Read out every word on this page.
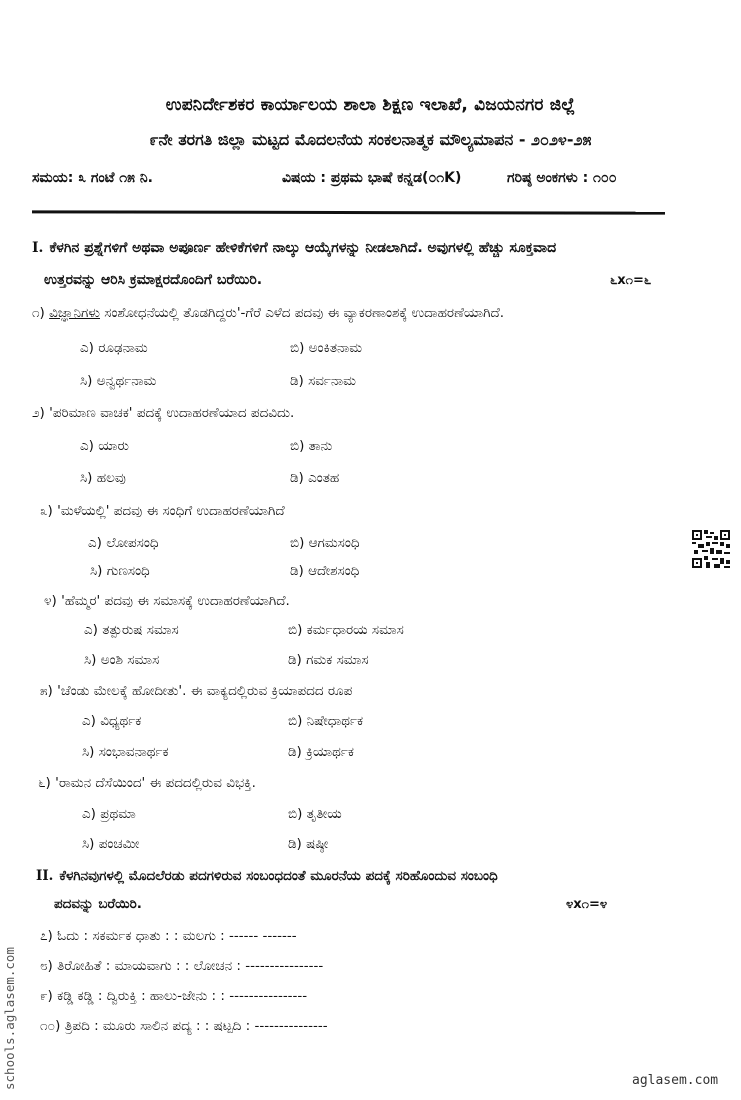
ಉಪನಿರ್ದೇಶಕರ ಕಾರ್ಯಾಲಯ ಶಾಲಾ ಶಿಕ್ಷಣ ಇಲಾಖೆ, ವಿಜಯನಗರ ಜಿಲ್ಲೆ
೯ನೇ ತರಗತಿ ಜಿಲ್ಲಾ ಮಟ್ಟದ ಮೊದಲನೆಯ ಸಂಕಲನಾತ್ಮಕ ಮೌಲ್ಯಮಾಪನ - ೨೦೨೪-೨೫
ಸಮಯ: ೩ ಗಂಟೆ ೧೫ ನಿ.	ವಿಷಯ : ಪ್ರಥಮ ಭಾಷೆ ಕನ್ನಡ(೦೧K)	ಗರಿಷ್ಠ ಅಂಕಗಳು : ೧೦೦
I. ಕೆಳಗಿನ ಪ್ರಶ್ನೆಗಳಿಗೆ ಅಥವಾ ಅಪೂರ್ಣ ಹೇಳಿಕೆಗಳಿಗೆ ನಾಲ್ಕು ಆಯ್ಕೆಗಳನ್ನು ನೀಡಲಾಗಿದೆ. ಅವುಗಳಲ್ಲಿ ಹೆಚ್ಚು ಸೂಕ್ತವಾದ
ಉತ್ತರವನ್ನು ಆರಿಸಿ ಕ್ರಮಾಕ್ಷರದೊಂದಿಗೆ ಬರೆಯಿರಿ.	೬x೧=೬
೧) ವಿಜ್ಞಾನಿಗಳು ಸಂಶೋಧನೆಯಲ್ಲಿ ತೊಡಗಿದ್ದರು'-ಗೆರೆ ಎಳೆದ ಪದವು ಈ ವ್ಯಾಕರಣಾಂಶಕ್ಕೆ ಉದಾಹರಣೆಯಾಗಿದೆ.
ಎ) ರೂಢನಾಮ	ಬಿ) ಅಂಕಿತನಾಮ
ಸಿ) ಅನ್ವರ್ಥನಾಮ	ಡಿ) ಸರ್ವನಾಮ
೨) 'ಪರಿಮಾಣ ವಾಚಕ' ಪದಕ್ಕೆ ಉದಾಹರಣೆಯಾದ ಪದವಿದು.
ಎ) ಯಾರು	ಬಿ) ತಾನು
ಸಿ) ಹಲವು	ಡಿ) ಎಂತಹ
೩) 'ಮಳೆಯಲ್ಲಿ' ಪದವು ಈ ಸಂಧಿಗೆ ಉದಾಹರಣೆಯಾಗಿದೆ
ಎ) ಲೋಪಸಂಧಿ	ಬಿ) ಆಗಮಸಂಧಿ
ಸಿ) ಗುಣಸಂಧಿ	ಡಿ) ಆದೇಶಸಂಧಿ
೪) 'ಹೆಮ್ಮರ' ಪದವು ಈ ಸಮಾಸಕ್ಕೆ ಉದಾಹರಣೆಯಾಗಿದೆ.
ಎ) ತತ್ಪುರುಷ ಸಮಾಸ	ಬಿ) ಕರ್ಮಧಾರಯ ಸಮಾಸ
ಸಿ) ಅಂಶಿ ಸಮಾಸ	ಡಿ) ಗಮಕ ಸಮಾಸ
೫) 'ಚೆಂಡು ಮೇಲಕ್ಕೆ ಹೋದೀತು'. ಈ ವಾಕ್ಯದಲ್ಲಿರುವ ಕ್ರಿಯಾಪದದ ರೂಪ
ಎ) ವಿಧ್ಯರ್ಥಕ	ಬಿ) ನಿಷೇಧಾರ್ಥಕ
ಸಿ) ಸಂಭಾವನಾರ್ಥಕ	ಡಿ) ಕ್ರಿಯಾರ್ಥಕ
೬) 'ರಾಮನ ದೆಸೆಯಿಂದ' ಈ ಪದದಲ್ಲಿರುವ ವಿಭಕ್ತಿ.
ಎ) ಪ್ರಥಮಾ	ಬಿ) ತೃತೀಯ
ಸಿ) ಪಂಚಮೀ	ಡಿ) ಷಷ್ಠೀ
II. ಕೆಳಗಿನವುಗಳಲ್ಲಿ ಮೊದಲೆರಡು ಪದಗಳಿರುವ ಸಂಬಂಧದಂತೆ ಮೂರನೆಯ ಪದಕ್ಕೆ ಸರಿಹೊಂದುವ ಸಂಬಂಧಿ
ಪದವನ್ನು ಬರೆಯಿರಿ.	೪x೧=೪
೭) ಓದು : ಸಕರ್ಮಕ ಧಾತು : : ಮಲಗು : ------ -------
೮) ತಿರೋಹಿತೆ : ಮಾಯವಾಗು : : ಲೋಚನ : ----------------
೯) ಕಡ್ಡಿ ಕಡ್ಡಿ : ದ್ವಿರುಕ್ತಿ : ಹಾಲು-ಜೇನು : : ----------------
೧೦) ತ್ರಿಪದಿ : ಮೂರು ಸಾಲಿನ ಪದ್ಯ : : ಷಟ್ಪದಿ : ---------------
schools.aglasem.com	aglasem.com
